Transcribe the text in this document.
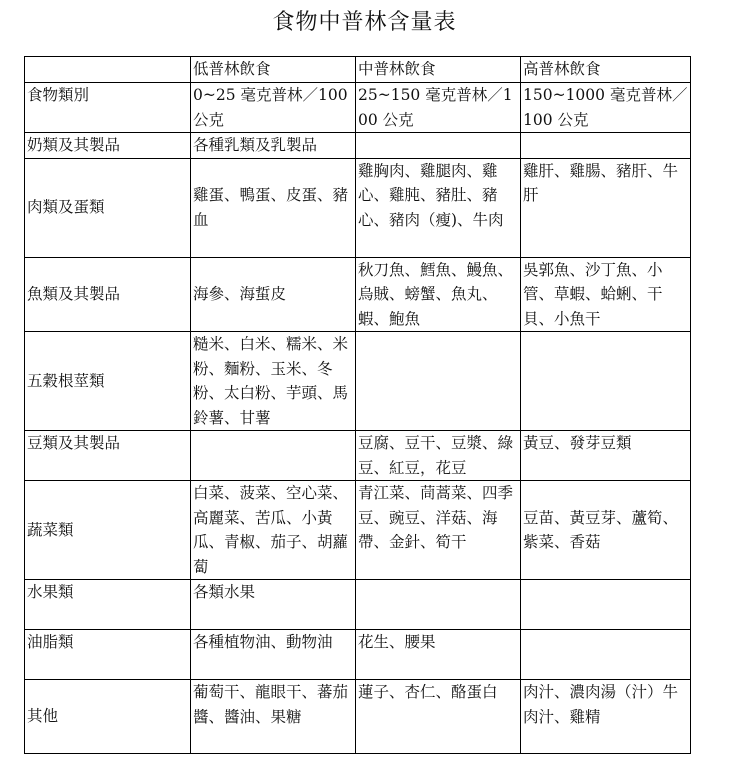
食物中普林含量表
	低普林飲食	中普林飲食	高普林飲食
食物類別	0~25 毫克普林／100 公克	25~150 毫克普林／100 公克	150~1000 毫克普林／100 公克
奶類及其製品	各種乳類及乳製品		
肉類及蛋類	雞蛋、鴨蛋、皮蛋、豬血	雞胸肉、雞腿肉、雞心、雞肫、豬肚、豬心、豬肉（瘦)、牛肉	雞肝、雞腸、豬肝、牛肝
魚類及其製品	海參、海蜇皮	秋刀魚、鱈魚、鰻魚、烏賊、螃蟹、魚丸、蝦、鮑魚	吳郭魚、沙丁魚、小管、草蝦、蛤蜊、干貝、小魚干
五穀根莖類	糙米、白米、糯米、米粉、麵粉、玉米、冬粉、太白粉、芋頭、馬鈴薯、甘薯		
豆類及其製品		豆腐、豆干、豆漿、綠豆、紅豆，花豆	黃豆、發芽豆類
蔬菜類	白菜、菠菜、空心菜、高麗菜、苦瓜、小黃瓜、青椒、茄子、胡蘿蔔	青江菜、茼蒿菜、四季豆、豌豆、洋菇、海帶、金針、筍干	豆苗、黃豆芽、蘆筍、紫菜、香菇
水果類	各類水果		
油脂類	各種植物油、動物油	花生、腰果	
其他	葡萄干、龍眼干、蕃茄醬、醬油、果糖	蓮子、杏仁、酪蛋白	肉汁、濃肉湯（汁）牛肉汁、雞精
